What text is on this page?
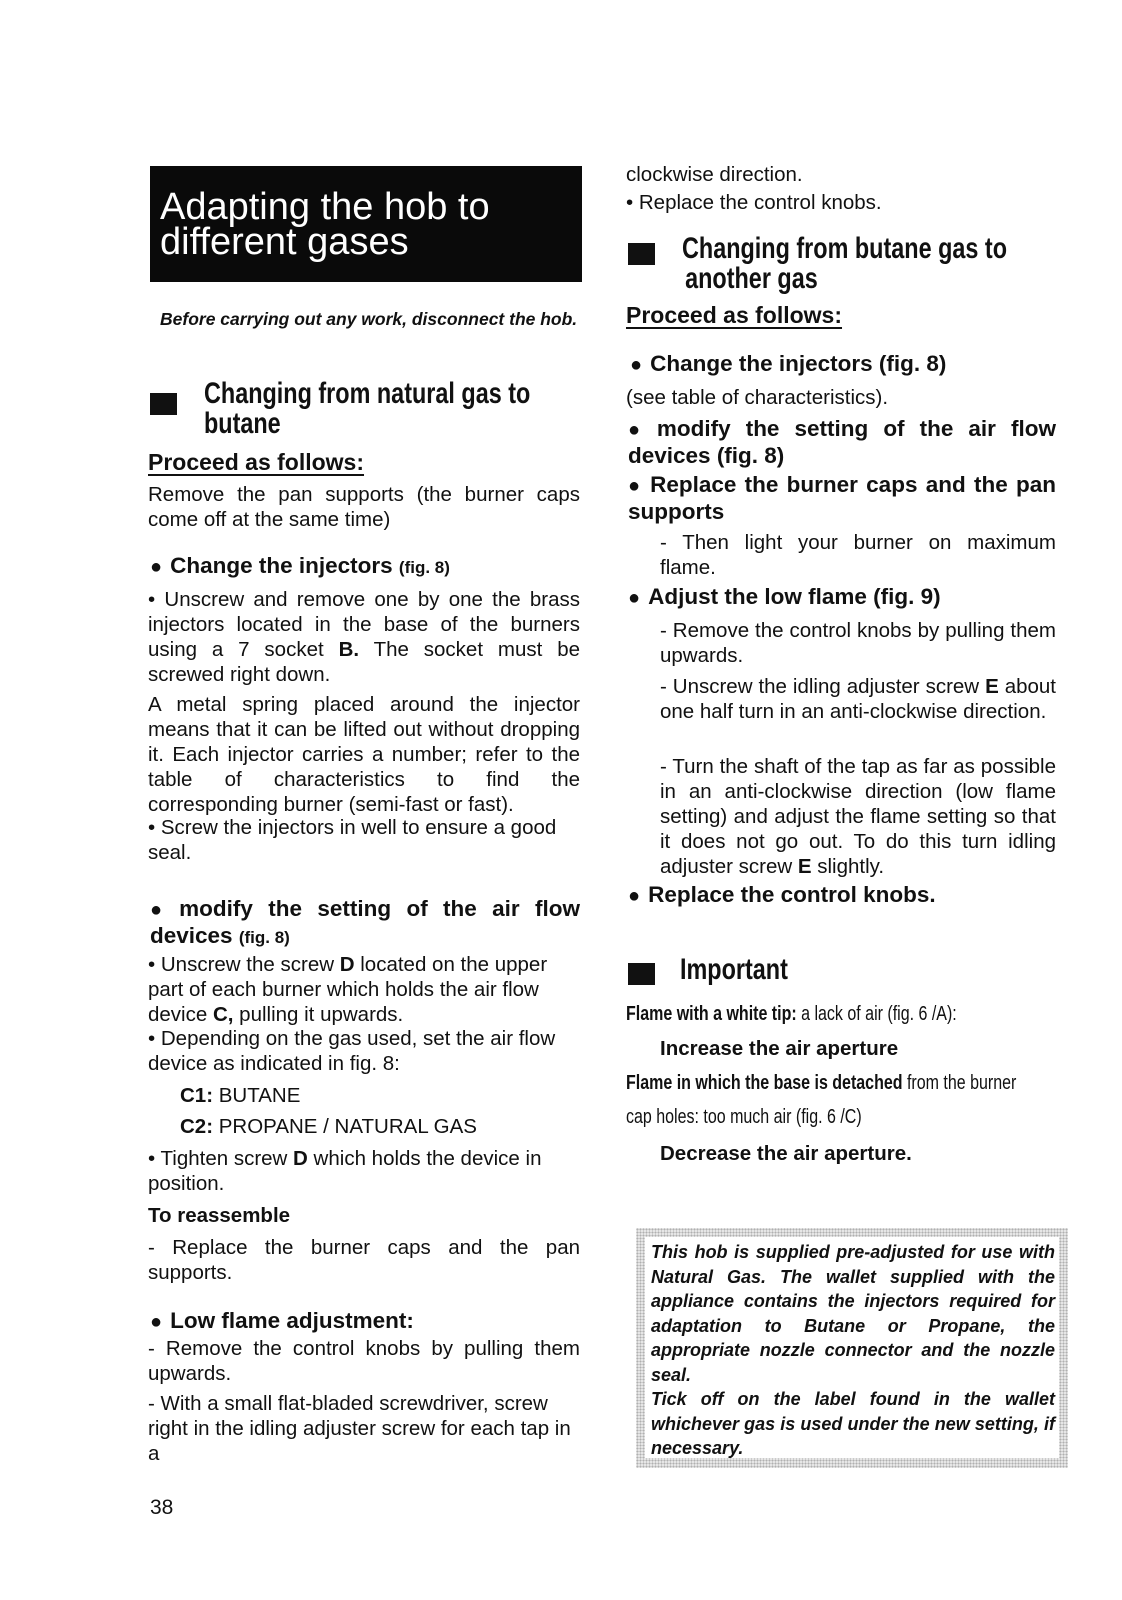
Adapting the hob to
different gases

Before carrying out any work, disconnect the hob.

Changing from natural gas to
butane
Proceed as follows:

Remove the pan supports (the burner caps come off at the same time)

● Change the injectors (fig. 8)

• Unscrew and remove one by one the brass injectors located in the base of the burners using a 7 socket B. The socket must be screwed right down.

A metal spring placed around the injector means that it can be lifted out without dropping it. Each injector carries a number; refer to the table of characteristics to find the corresponding burner (semi-fast or fast).

• Screw the injectors in well to ensure a good seal.

● modify the setting of the air flow devices (fig. 8)

• Unscrew the screw D located on the upper part of each burner which holds the air flow device C, pulling it upwards.

• Depending on the gas used, set the air flow device as indicated in fig. 8:

C1: BUTANE

C2: PROPANE / NATURAL GAS

• Tighten screw D which holds the device in position.

To reassemble

- Replace the burner caps and the pan supports.

● Low flame adjustment:

- Remove the control knobs by pulling them upwards.

- With a small flat-bladed screwdriver, screw right in the idling adjuster screw for each tap in a

38

clockwise direction.

• Replace the control knobs.

Changing from butane gas to
another gas
Proceed as follows:
● Change the injectors (fig. 8)

(see table of characteristics).

● modify the setting of the air flow devices (fig. 8)
● Replace the burner caps and the pan supports

- Then light your burner on maximum flame.

● Adjust the low flame (fig. 9)

- Remove the control knobs by pulling them upwards.

- Unscrew the idling adjuster screw E about one half turn in an anti-clockwise direction.

- Turn the shaft of the tap as far as possible in an anti-clockwise direction (low flame setting) and adjust the flame setting so that it does not go out. To do this turn idling adjuster screw E slightly.

● Replace the control knobs.
Important

Flame with a white tip: a lack of air (fig. 6 /A):

Increase the air aperture

Flame in which the base is detached from the burner

cap holes: too much air (fig. 6 /C)

Decrease the air aperture.

This hob is supplied pre-adjusted for use with Natural Gas. The wallet supplied with the appliance contains the injectors required for adaptation to Butane or Propane, the appropriate nozzle connector and the nozzle seal.
Tick off on the label found in the wallet whichever gas is used under the new setting, if necessary.
